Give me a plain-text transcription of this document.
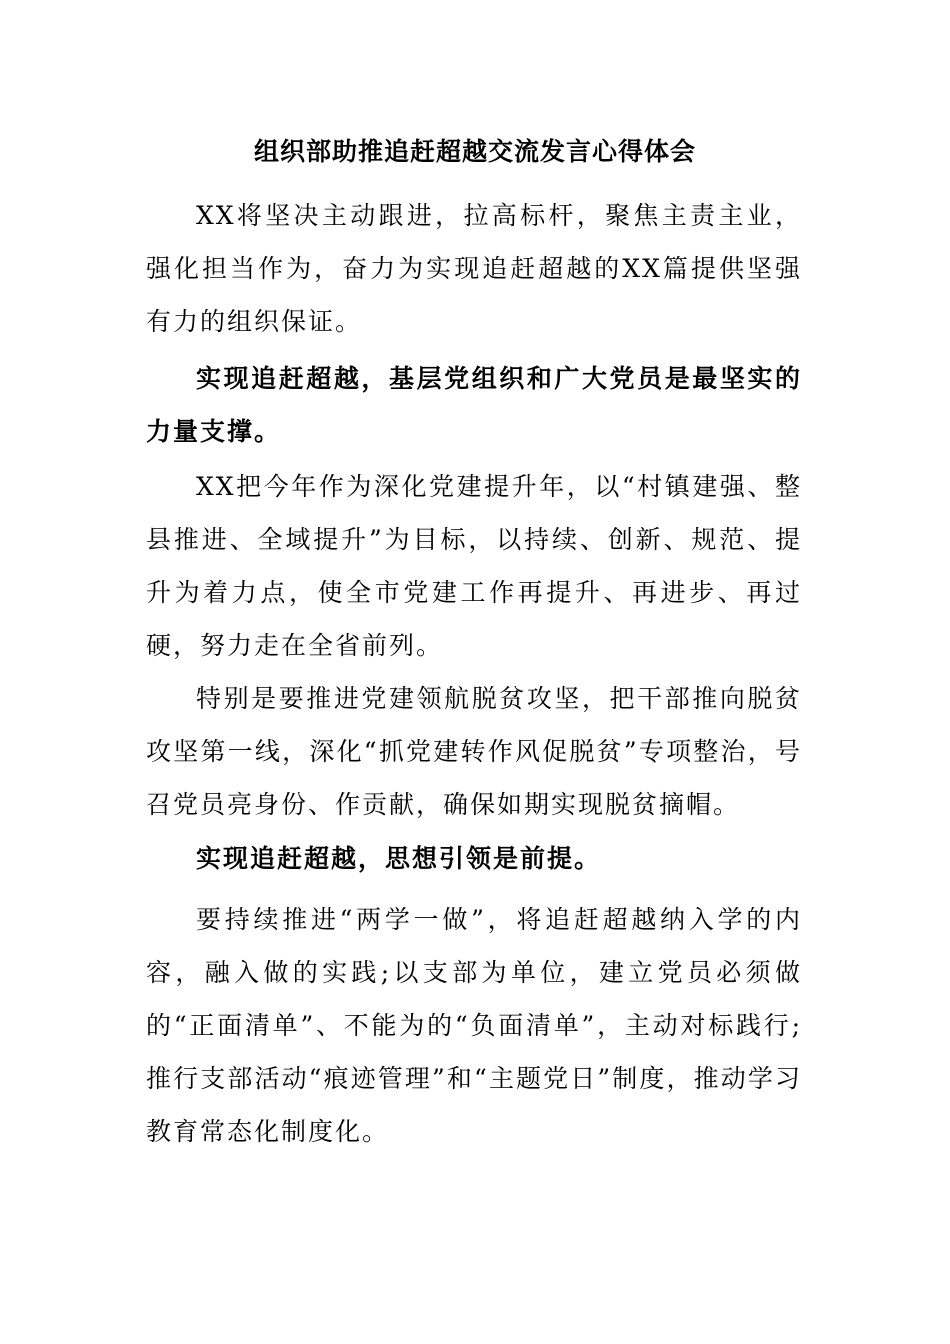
组织部助推追赶超越交流发言心得体会

XX将坚决主动跟进，拉高标杆，聚焦主责主业，强化担当作为，奋力为实现追赶超越的XX篇提供坚强有力的组织保证。

实现追赶超越，基层党组织和广大党员是最坚实的力量支撑。

XX把今年作为深化党建提升年，以“村镇建强、整县推进、全域提升”为目标，以持续、创新、规范、提升为着力点，使全市党建工作再提升、再进步、再过硬，努力走在全省前列。

特别是要推进党建领航脱贫攻坚，把干部推向脱贫攻坚第一线，深化“抓党建转作风促脱贫”专项整治，号召党员亮身份、作贡献，确保如期实现脱贫摘帽。

实现追赶超越，思想引领是前提。

要持续推进“两学一做”，将追赶超越纳入学的内容，融入做的实践;以支部为单位，建立党员必须做的“正面清单”、不能为的“负面清单”，主动对标践行;推行支部活动“痕迹管理”和“主题党日”制度，推动学习教育常态化制度化。
